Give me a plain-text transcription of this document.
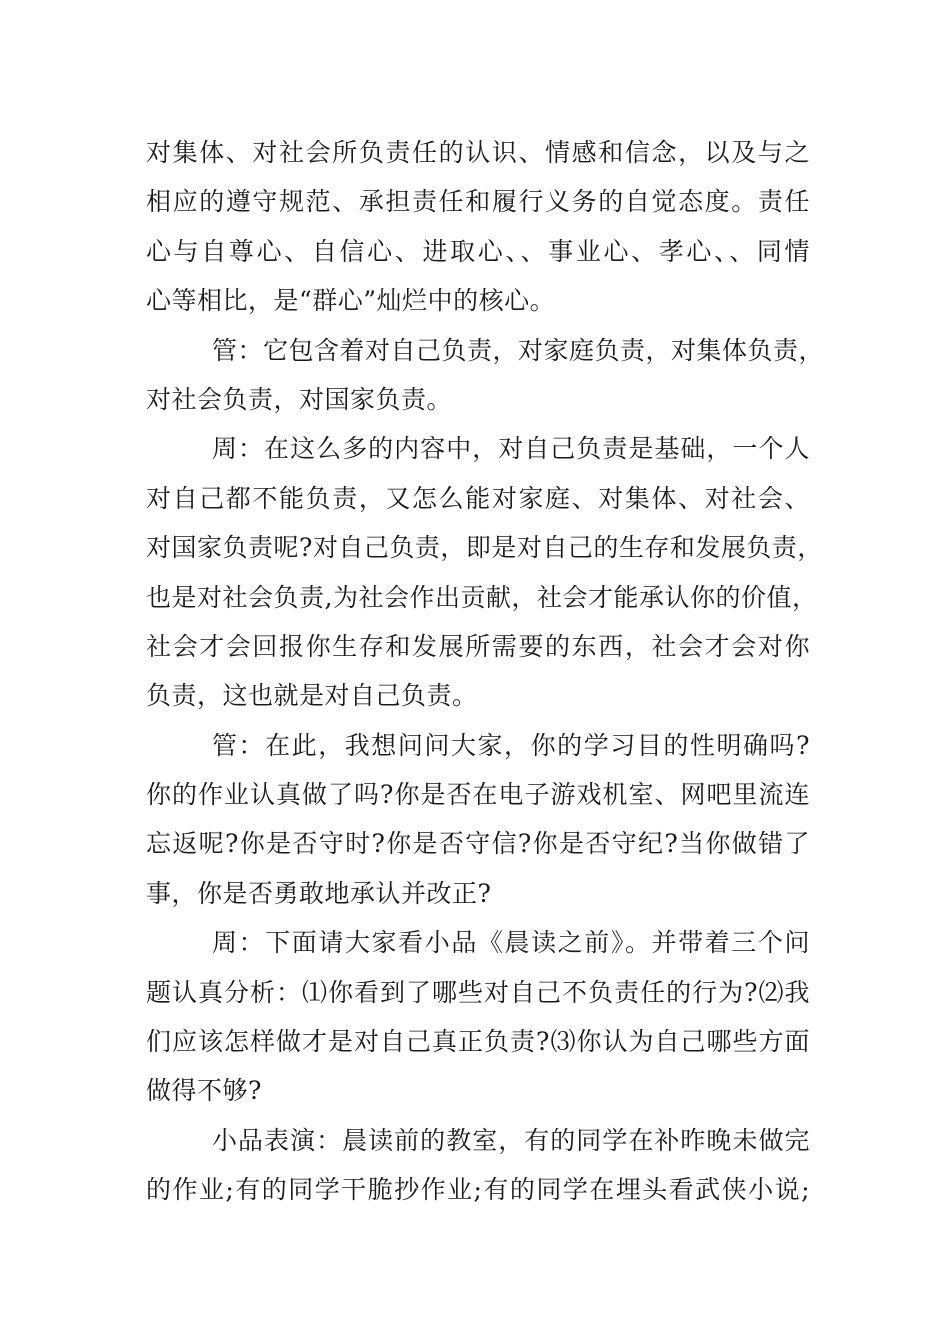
对集体、对社会所负责任的认识、情感和信念，以及与之
相应的遵守规范、承担责任和履行义务的自觉态度。责任
心与自尊心、自信心、进取心、、事业心、孝心、、同情
心等相比，是“群心”灿烂中的核心。
管：它包含着对自己负责，对家庭负责，对集体负责，
对社会负责，对国家负责。
周：在这么多的内容中，对自己负责是基础，一个人
对自己都不能负责，又怎么能对家庭、对集体、对社会、
对国家负责呢?对自己负责，即是对自己的生存和发展负责，
也是对社会负责,为社会作出贡献，社会才能承认你的价值，
社会才会回报你生存和发展所需要的东西，社会才会对你
负责，这也就是对自己负责。
管：在此，我想问问大家，你的学习目的性明确吗?
你的作业认真做了吗?你是否在电子游戏机室、网吧里流连
忘返呢?你是否守时?你是否守信?你是否守纪?当你做错了
事，你是否勇敢地承认并改正?
周：下面请大家看小品《晨读之前》。并带着三个问
题认真分析：⑴你看到了哪些对自己不负责任的行为?⑵我
们应该怎样做才是对自己真正负责?⑶你认为自己哪些方面
做得不够?
小品表演：晨读前的教室，有的同学在补昨晚未做完
的作业;有的同学干脆抄作业;有的同学在埋头看武侠小说;
